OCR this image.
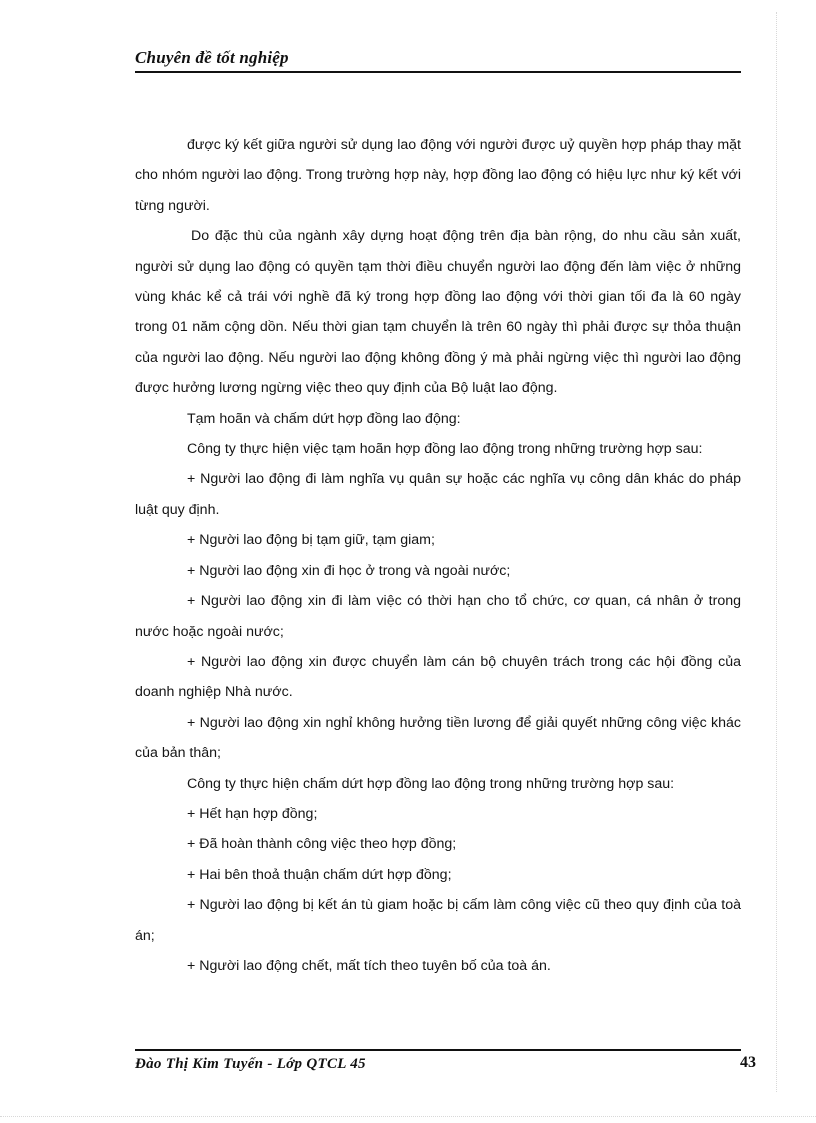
Chuyên đề tốt nghiệp

được ký kết giữa người sử dụng lao động với người được uỷ quyền hợp pháp thay mặt cho nhóm người lao động. Trong trường hợp này, hợp đồng lao động có hiệu lực như ký kết với từng người.

Do đặc thù của ngành xây dựng hoạt động trên địa bàn rộng, do nhu cầu sản xuất, người sử dụng lao động có quyền tạm thời điều chuyển người lao động đến làm việc ở những vùng khác kể cả trái với nghề đã ký trong hợp đồng lao động với thời gian tối đa là 60 ngày trong 01 năm cộng dồn. Nếu thời gian tạm chuyển là trên 60 ngày thì phải được sự thỏa thuận của người lao động. Nếu người lao động không đồng ý mà phải ngừng việc thì người lao động được hưởng lương ngừng việc theo quy định của Bộ luật lao động.

Tạm hoãn và chấm dứt hợp đồng lao động:

Công ty thực hiện việc tạm hoãn hợp đồng lao động trong những trường hợp sau:

+ Người lao động đi làm nghĩa vụ quân sự hoặc các nghĩa vụ công dân khác do pháp luật quy định.

+ Người lao động bị tạm giữ, tạm giam;

+ Người lao động xin đi học ở trong và ngoài nước;

+ Người lao động xin đi làm việc có thời hạn cho tổ chức, cơ quan, cá nhân ở trong nước hoặc ngoài nước;

+ Người lao động xin được chuyển làm cán bộ chuyên trách trong các hội đồng của doanh nghiệp Nhà nước.

+ Người lao động xin nghỉ không hưởng tiền lương để giải quyết những công việc khác của bản thân;

Công ty thực hiện chấm dứt hợp đồng lao động trong những trường hợp sau:

+ Hết hạn hợp đồng;

+ Đã hoàn thành công việc theo hợp đồng;

+ Hai bên thoả thuận chấm dứt hợp đồng;

+ Người lao động bị kết án tù giam hoặc bị cấm làm công việc cũ theo quy định của toà án;

+ Người lao động chết, mất tích theo tuyên bố của toà án.

Đào Thị Kim Tuyến - Lớp QTCL 45	43
